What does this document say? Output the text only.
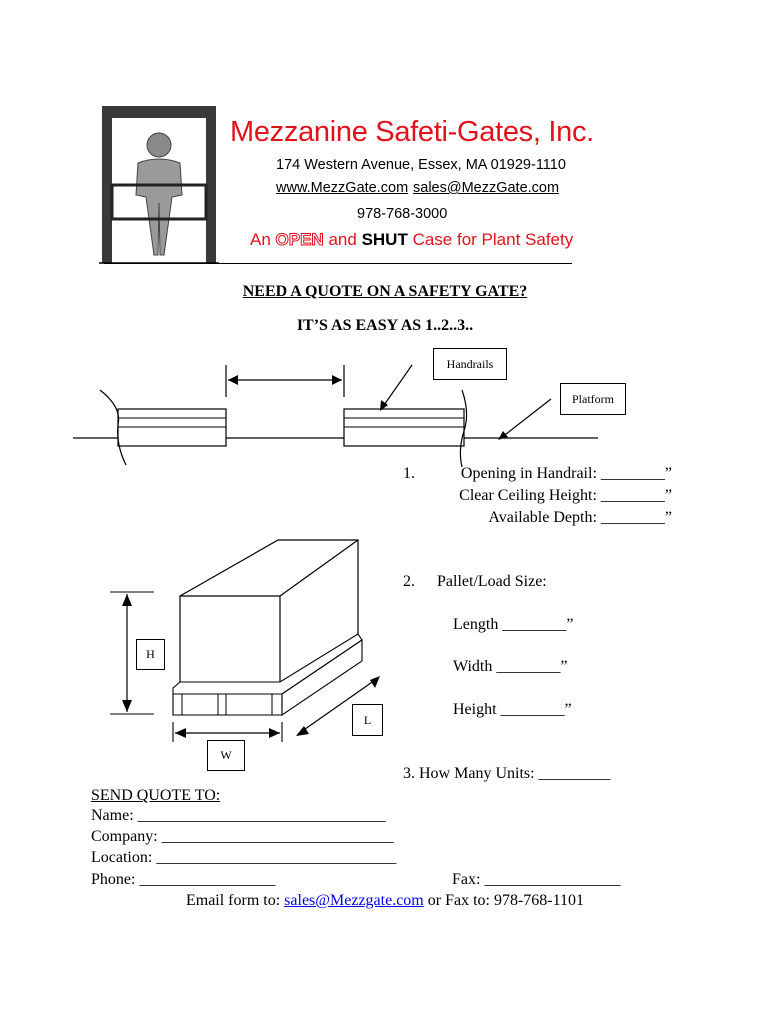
Mezzanine Safeti-Gates, Inc.
174 Western Avenue, Essex, MA 01929-1110
www.MezzGate.com sales@MezzGate.com
978-768-3000
An OPEN and SHUT Case for Plant Safety
NEED A QUOTE ON A SAFETY GATE?
IT’S AS EASY AS 1..2..3..
Handrails
Platform
H
W
L
1.	Opening in Handrail: ________”
Clear Ceiling Height: ________”
Available Depth: ________”
2. Pallet/Load Size:
Length ________”
Width ________”
Height ________”
3. How Many Units: _________
SEND QUOTE TO:
Name: _______________________________
Company: _____________________________
Location: ______________________________
Phone: _________________	Fax: _________________
Email form to: sales@Mezzgate.com or Fax to: 978-768-1101
